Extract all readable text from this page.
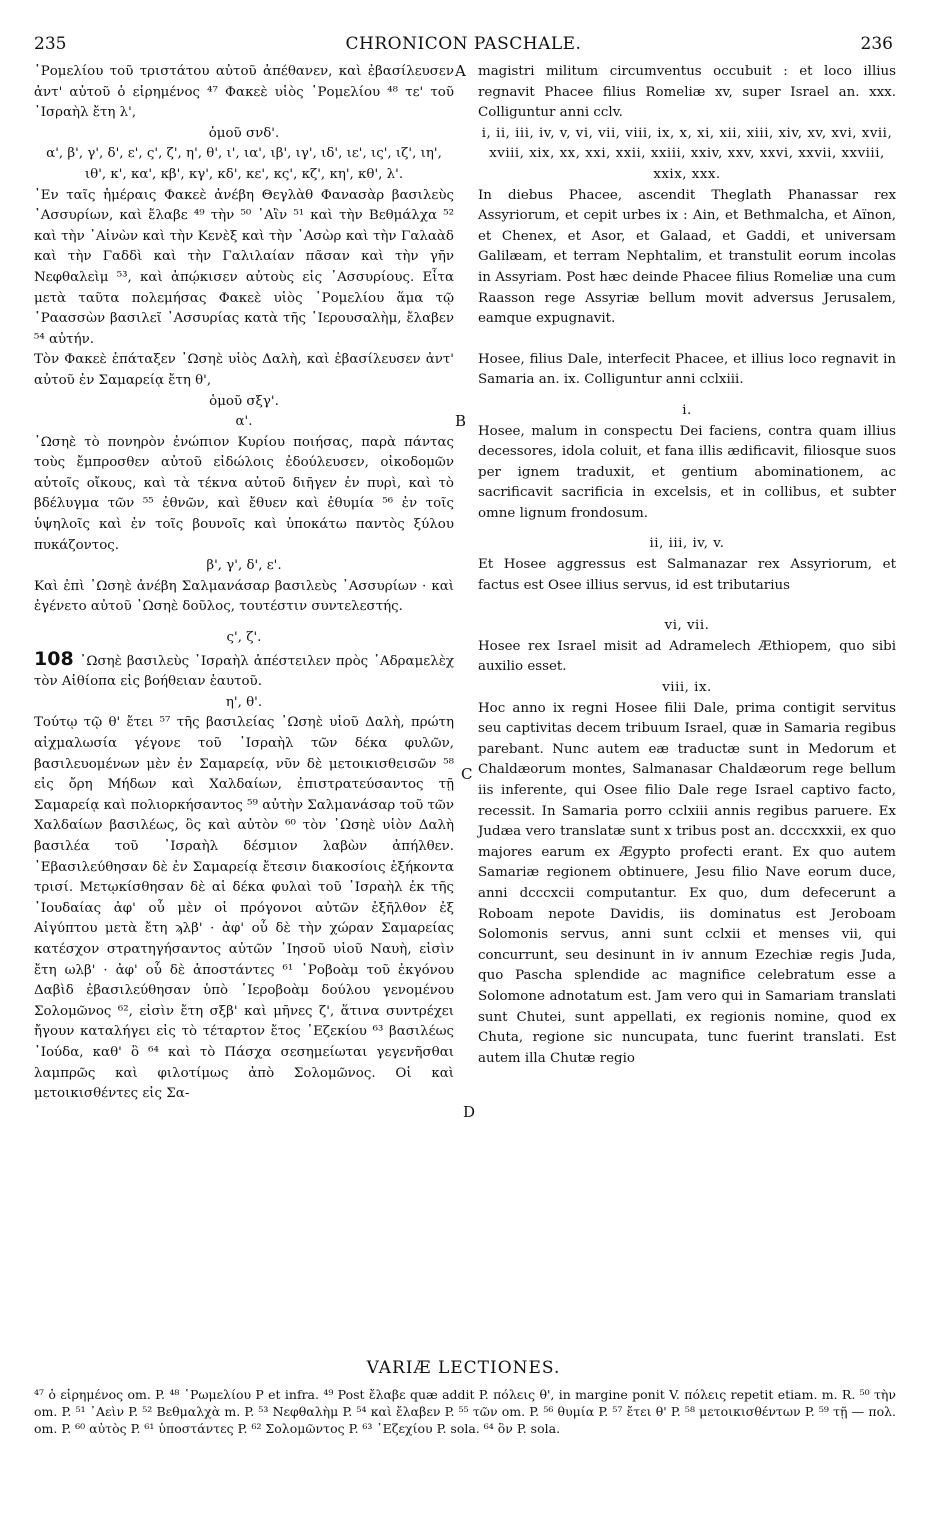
235	CHRONICON PASCHALE.	236
A
B
C
D

῾Ρομελίου τοῦ τριστάτου αὐτοῦ ἀπέθανεν, καὶ ἐβασίλευσεν ἀντ' αὐτοῦ ὁ εἰρημένος ⁴⁷ Φακεὲ υἱὸς ῾Ρομελίου ⁴⁸ τε' τοῦ ᾽Ισραὴλ ἔτη λ',

ὁμοῦ σνδ'.

α', β', γ', δ', ε', ς', ζ', η', θ', ι', ια', ιβ', ιγ', ιδ', ιε', ις', ιζ', ιη', ιθ', κ', κα', κβ', κγ', κδ', κε', κς', κζ', κη', κθ', λ'.

᾽Εν ταῖς ἡμέραις Φακεὲ ἀνέβη Θεγλὰθ Φανασὰρ βασιλεὺς ᾽Ασσυρίων, καὶ ἔλαβε ⁴⁹ τὴν ⁵⁰ ᾽Αἲν ⁵¹ καὶ τὴν Βεθμάλχα ⁵² καὶ τὴν ᾽Αἰνὼν καὶ τὴν Κενὲξ καὶ τὴν ᾽Ασὼρ καὶ τὴν Γαλαὰδ καὶ τὴν Γαδδὶ καὶ τὴν Γαλιλαίαν πᾶσαν καὶ τὴν γῆν Νεφθαλεὶμ ⁵³, καὶ ἀπῴκισεν αὐτοὺς εἰς ᾽Ασσυρίους. Εἶτα μετὰ ταῦτα πολεμήσας Φακεὲ υἱὸς ῾Ρομελίου ἅμα τῷ ῾Ραασσὼν βασιλεῖ ᾽Ασσυρίας κατὰ τῆς ῾Ιερουσαλὴμ, ἔλαβεν ⁵⁴ αὐτήν.

Τὸν Φακεὲ ἐπάταξεν ᾽Ωσηὲ υἱὸς Δαλὴ, καὶ ἐβασίλευσεν ἀντ' αὐτοῦ ἐν Σαμαρείᾳ ἔτη θ',

ὁμοῦ σξγ'.

α'.

᾽Ωσηὲ τὸ πονηρὸν ἐνώπιον Κυρίου ποιήσας, παρὰ πάντας τοὺς ἔμπροσθεν αὐτοῦ εἰδώλοις ἐδούλευσεν, οἰκοδομῶν αὐτοῖς οἴκους, καὶ τὰ τέκνα αὐτοῦ διῆγεν ἐν πυρὶ, καὶ τὸ βδέλυγμα τῶν ⁵⁵ ἐθνῶν, καὶ ἔθυεν καὶ ἐθυμία ⁵⁶ ἐν τοῖς ὑψηλοῖς καὶ ἐν τοῖς βουνοῖς καὶ ὑποκάτω παντὸς ξύλου πυκάζοντος.

β', γ', δ', ε'.

Καὶ ἐπὶ ᾽Ωσηὲ ἀνέβη Σαλμανάσαρ βασιλεὺς ᾽Ασσυρίων · καὶ ἐγένετο αὐτοῦ ᾽Ωσηὲ δοῦλος, τουτέστιν συντελεστής.

ς', ζ'.

108 ᾽Ωσηὲ βασιλεὺς ᾽Ισραὴλ ἀπέστειλεν πρὸς ᾽Αδραμελὲχ τὸν Αἰθίοπα εἰς βοήθειαν ἑαυτοῦ.

η', θ'.

Τούτῳ τῷ θ' ἔτει ⁵⁷ τῆς βασιλείας ᾽Ωσηὲ υἱοῦ Δαλὴ, πρώτη αἰχμαλωσία γέγονε τοῦ ᾽Ισραὴλ τῶν δέκα φυλῶν, βασιλευομένων μὲν ἐν Σαμαρείᾳ, νῦν δὲ μετοικισθεισῶν ⁵⁸ εἰς ὄρη Μήδων καὶ Χαλδαίων, ἐπιστρατεύσαντος τῇ Σαμαρείᾳ καὶ πολιορκήσαντος ⁵⁹ αὐτὴν Σαλμανάσαρ τοῦ τῶν Χαλδαίων βασιλέως, ὃς καὶ αὐτὸν ⁶⁰ τὸν ᾽Ωσηὲ υἱὸν Δαλὴ βασιλέα τοῦ ᾽Ισραὴλ δέσμιον λαβὼν ἀπήλθεν. ᾽Εβασιλεύθησαν δὲ ἐν Σαμαρείᾳ ἔτεσιν διακοσίοις ἑξήκοντα τρισί. Μετῳκίσθησαν δὲ αἱ δέκα φυλαὶ τοῦ ᾽Ισραὴλ ἐκ τῆς ᾽Ιουδαίας ἀφ' οὗ μὲν οἱ πρόγονοι αὐτῶν ἐξῆλθον ἐξ Αἰγύπτου μετὰ ἔτη ϡλβ' · ἀφ' οὗ δὲ τὴν χώραν Σαμαρείας κατέσχον στρατηγήσαντος αὐτῶν ᾽Ιησοῦ υἱοῦ Ναυὴ, εἰσὶν ἔτη ωλβ' · ἀφ' οὗ δὲ ἀποστάντες ⁶¹ ῾Ροβοὰμ τοῦ ἐκγόνου Δαβὶδ ἐβασιλεύθησαν ὑπὸ ῾Ιεροβοὰμ δούλου γενομένου Σολομῶνος ⁶², εἰσὶν ἔτη σξβ' καὶ μῆνες ζ', ἅτινα συντρέχει ἤγουν καταλήγει εἰς τὸ τέταρτον ἔτος ᾽Εζεκίου ⁶³ βασιλέως ᾽Ιούδα, καθ' ὃ ⁶⁴ καὶ τὸ Πάσχα σεσημείωται γεγενῆσθαι λαμπρῶς καὶ φιλοτίμως ἀπὸ Σολομῶνος. Οἱ καὶ μετοικισθέντες εἰς Σα-

magistri militum circumventus occubuit : et loco illius regnavit Phacee filius Romeliæ xv, super Israel an. xxx. Colliguntur anni cclv.

i, ii, iii, iv, v, vi, vii, viii, ix, x, xi, xii, xiii, xiv, xv, xvi, xvii, xviii, xix, xx, xxi, xxii, xxiii, xxiv, xxv, xxvi, xxvii, xxviii, xxix, xxx.

In diebus Phacee, ascendit Theglath Phanassar rex Assyriorum, et cepit urbes ix : Ain, et Bethmalcha, et Aïnon, et Chenex, et Asor, et Galaad, et Gaddi, et universam Galilæam, et terram Nephtalim, et transtulit eorum incolas in Assyriam. Post hæc deinde Phacee filius Romeliæ una cum Raasson rege Assyriæ bellum movit adversus Jerusalem, eamque expugnavit.

Hosee, filius Dale, interfecit Phacee, et illius loco regnavit in Samaria an. ix. Colliguntur anni cclxiii.

i.

Hosee, malum in conspectu Dei faciens, contra quam illius decessores, idola coluit, et fana illis ædificavit, filiosque suos per ignem traduxit, et gentium abominationem, ac sacrificavit sacrificia in excelsis, et in collibus, et subter omne lignum frondosum.

ii, iii, iv, v.

Et Hosee aggressus est Salmanazar rex Assyriorum, et factus est Osee illius servus, id est tributarius

vi, vii.

Hosee rex Israel misit ad Adramelech Æthiopem, quo sibi auxilio esset.

viii, ix.

Hoc anno ix regni Hosee filii Dale, prima contigit servitus seu captivitas decem tribuum Israel, quæ in Samaria regibus parebant. Nunc autem eæ traductæ sunt in Medorum et Chaldæorum montes, Salmanasar Chaldæorum rege bellum iis inferente, qui Osee filio Dale rege Israel captivo facto, recessit. In Samaria porro cclxiii annis regibus paruere. Ex Judæa vero translatæ sunt x tribus post an. dcccxxxii, ex quo majores earum ex Ægypto profecti erant. Ex quo autem Samariæ regionem obtinuere, Jesu filio Nave eorum duce, anni dcccxcii computantur. Ex quo, dum defecerunt a Roboam nepote Davidis, iis dominatus est Jeroboam Solomonis servus, anni sunt cclxii et menses vii, qui concurrunt, seu desinunt in iv annum Ezechiæ regis Juda, quo Pascha splendide ac magnifice celebratum esse a Solomone adnotatum est. Jam vero qui in Samariam translati sunt Chutei, sunt appellati, ex regionis nomine, quod ex Chuta, regione sic nuncupata, tunc fuerint translati. Est autem illa Chutæ regio

VARIÆ LECTIONES.
⁴⁷ ὁ εἰρημένος om. P. ⁴⁸ ῾Ρωμελίου P et infra. ⁴⁹ Post ἔλαβε quæ addit P. πόλεις θ', in margine ponit V. πόλεις repetit etiam. m. R. ⁵⁰ τὴν om. P. ⁵¹ ᾽Αεὶν P. ⁵² Βεθμαλχὰ m. P. ⁵³ Νεφθαλὴμ P. ⁵⁴ καὶ ἔλαβεν P. ⁵⁵ τῶν om. P. ⁵⁶ θυμία P. ⁵⁷ ἔτει θ' P. ⁵⁸ μετοικισθέντων P. ⁵⁹ τῇ — πολ. om. P. ⁶⁰ αὐτὸς P. ⁶¹ ὑποστάντες P. ⁶² Σολομῶντος P. ⁶³ ᾽Εζεχίου P. sola. ⁶⁴ ὃν P. sola.
